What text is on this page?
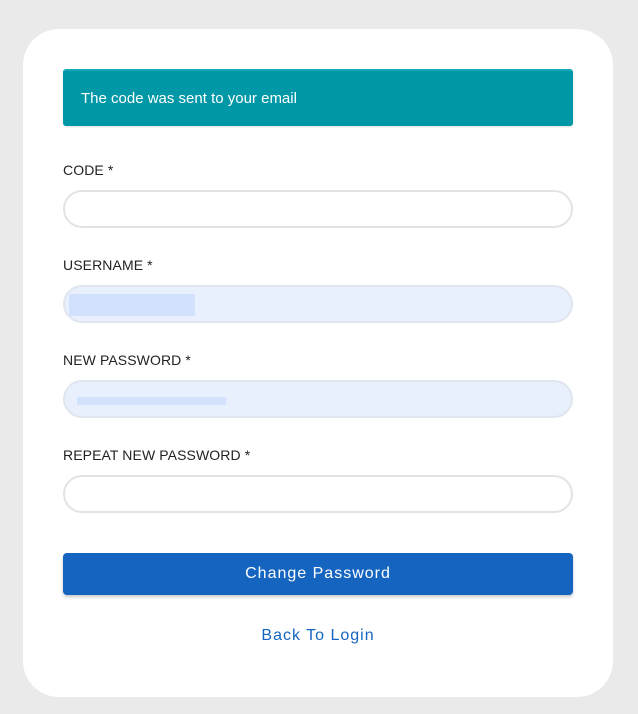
The code was sent to your email
CODE *
USERNAME *
NEW PASSWORD *
REPEAT NEW PASSWORD *
Change Password
Back To Login
